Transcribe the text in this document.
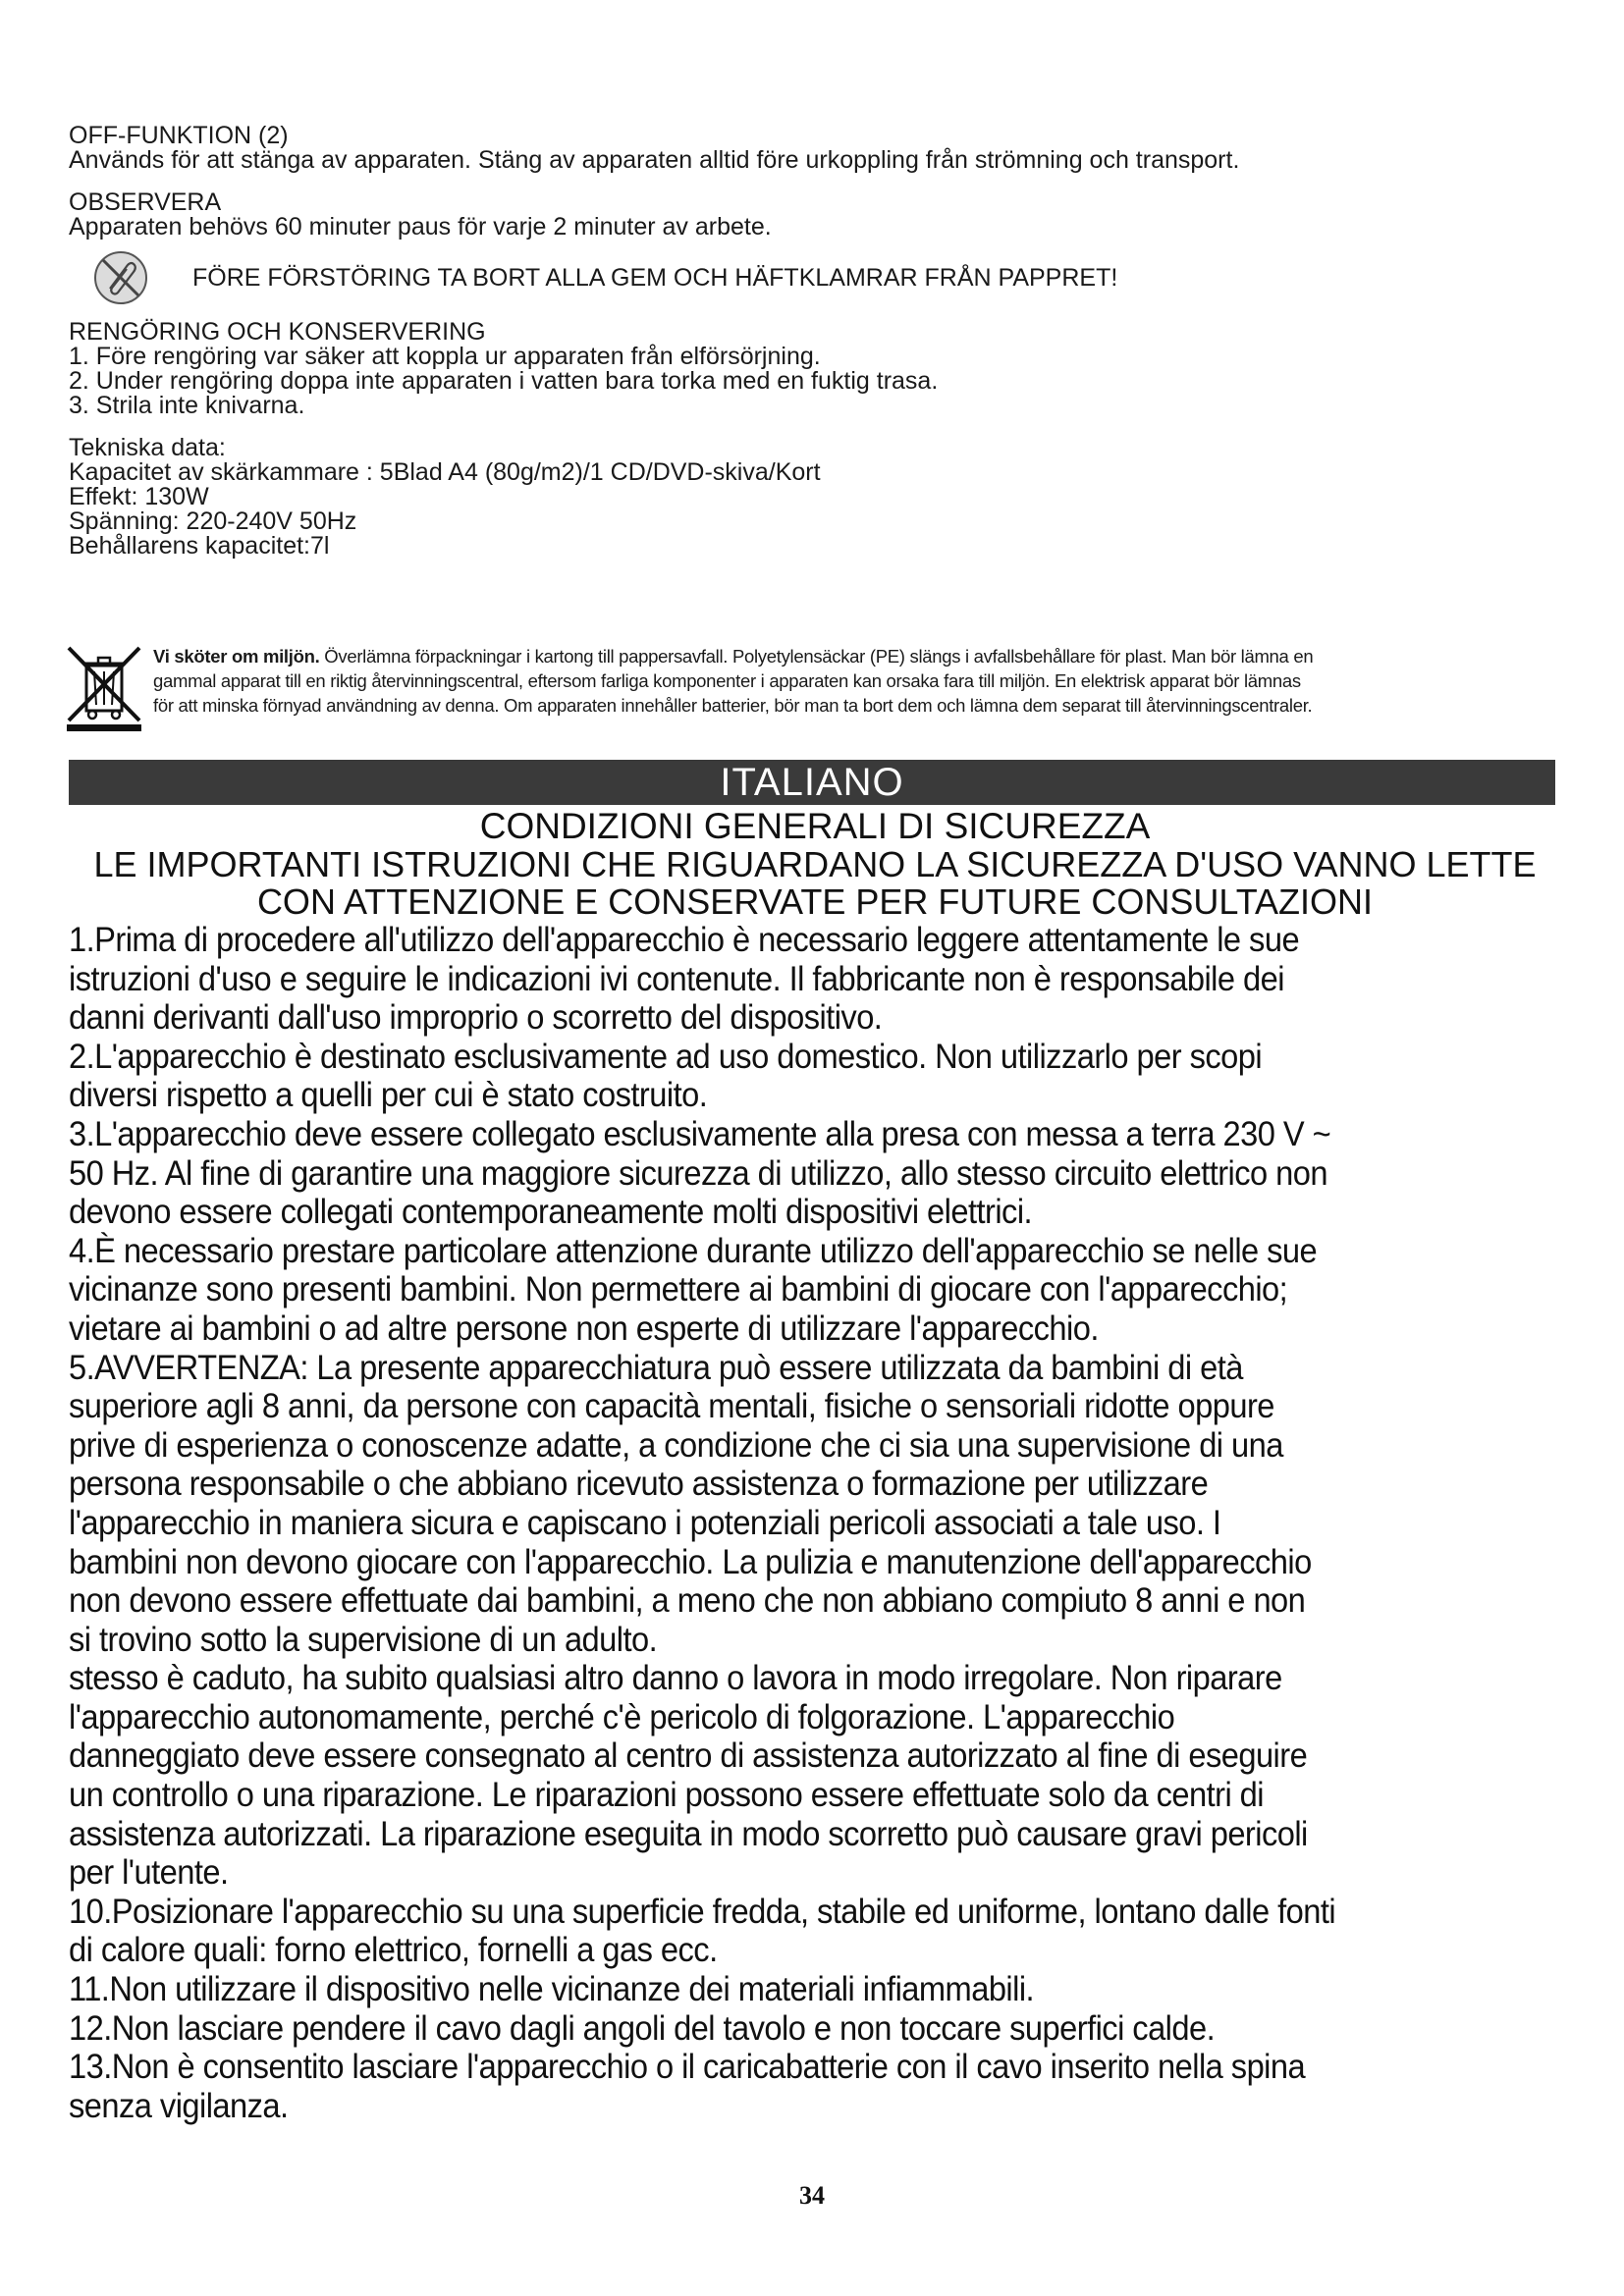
OFF-FUNKTION (2)

Används för att stänga av apparaten. Stäng av apparaten alltid före urkoppling från strömning och transport.

OBSERVERA

Apparaten behövs 60 minuter paus för varje 2 minuter av arbete.

FÖRE FÖRSTÖRING TA BORT ALLA GEM OCH HÄFTKLAMRAR FRÅN PAPPRET!

RENGÖRING OCH KONSERVERING

1. Före rengöring var säker att koppla ur apparaten från elförsörjning.

2. Under rengöring doppa inte apparaten i vatten bara torka med en fuktig trasa.

3. Strila inte knivarna.

Tekniska data:

Kapacitet av skärkammare : 5Blad A4 (80g/m2)/1 CD/DVD-skiva/Kort

Effekt: 130W

Spänning: 220-240V 50Hz

Behållarens kapacitet:7l

Vi sköter om miljön. Överlämna förpackningar i kartong till pappersavfall. Polyetylensäckar (PE) slängs i avfallsbehållare för plast. Man bör lämna en
gammal apparat till en riktig återvinningscentral, eftersom farliga komponenter i apparaten kan orsaka fara till miljön. En elektrisk apparat bör lämnas
för att minska förnyad användning av denna. Om apparaten innehåller batterier, bör man ta bort dem och lämna dem separat till återvinningscentraler.
ITALIANO

CONDIZIONI GENERALI DI SICUREZZA

LE IMPORTANTI ISTRUZIONI CHE RIGUARDANO LA SICUREZZA D'USO VANNO LETTE

CON ATTENZIONE E CONSERVATE PER FUTURE CONSULTAZIONI

1.Prima di procedere all'utilizzo dell'apparecchio è necessario leggere attentamente le sue

istruzioni d'uso e seguire le indicazioni ivi contenute. Il fabbricante non è responsabile dei

danni derivanti dall'uso improprio o scorretto del dispositivo.

2.L'apparecchio è destinato esclusivamente ad uso domestico. Non utilizzarlo per scopi

diversi rispetto a quelli per cui è stato costruito.

3.L'apparecchio deve essere collegato esclusivamente alla presa con messa a terra 230 V ~

50 Hz. Al fine di garantire una maggiore sicurezza di utilizzo, allo stesso circuito elettrico non

devono essere collegati contemporaneamente molti dispositivi elettrici.

4.È necessario prestare particolare attenzione durante utilizzo dell'apparecchio se nelle sue

vicinanze sono presenti bambini. Non permettere ai bambini di giocare con l'apparecchio;

vietare ai bambini o ad altre persone non esperte di utilizzare l'apparecchio.

5.AVVERTENZA: La presente apparecchiatura può essere utilizzata da bambini di età

superiore agli 8 anni, da persone con capacità mentali, fisiche o sensoriali ridotte oppure

prive di esperienza o conoscenze adatte, a condizione che ci sia una supervisione di una

persona responsabile o che abbiano ricevuto assistenza o formazione per utilizzare

l'apparecchio in maniera sicura e capiscano i potenziali pericoli associati a tale uso. I

bambini non devono giocare con l'apparecchio. La pulizia e manutenzione dell'apparecchio

non devono essere effettuate dai bambini, a meno che non abbiano compiuto 8 anni e non

si trovino sotto la supervisione di un adulto.

stesso è caduto, ha subito qualsiasi altro danno o lavora in modo irregolare. Non riparare

l'apparecchio autonomamente, perché c'è pericolo di folgorazione. L'apparecchio

danneggiato deve essere consegnato al centro di assistenza autorizzato al fine di eseguire

un controllo o una riparazione. Le riparazioni possono essere effettuate solo da centri di

assistenza autorizzati. La riparazione eseguita in modo scorretto può causare gravi pericoli

per l'utente.

10.Posizionare l'apparecchio su una superficie fredda, stabile ed uniforme, lontano dalle fonti

di calore quali: forno elettrico, fornelli a gas ecc.

11.Non utilizzare il dispositivo nelle vicinanze dei materiali infiammabili.

12.Non lasciare pendere il cavo dagli angoli del tavolo e non toccare superfici calde.

13.Non è consentito lasciare l'apparecchio o il caricabatterie con il cavo inserito nella spina

senza vigilanza.

34
